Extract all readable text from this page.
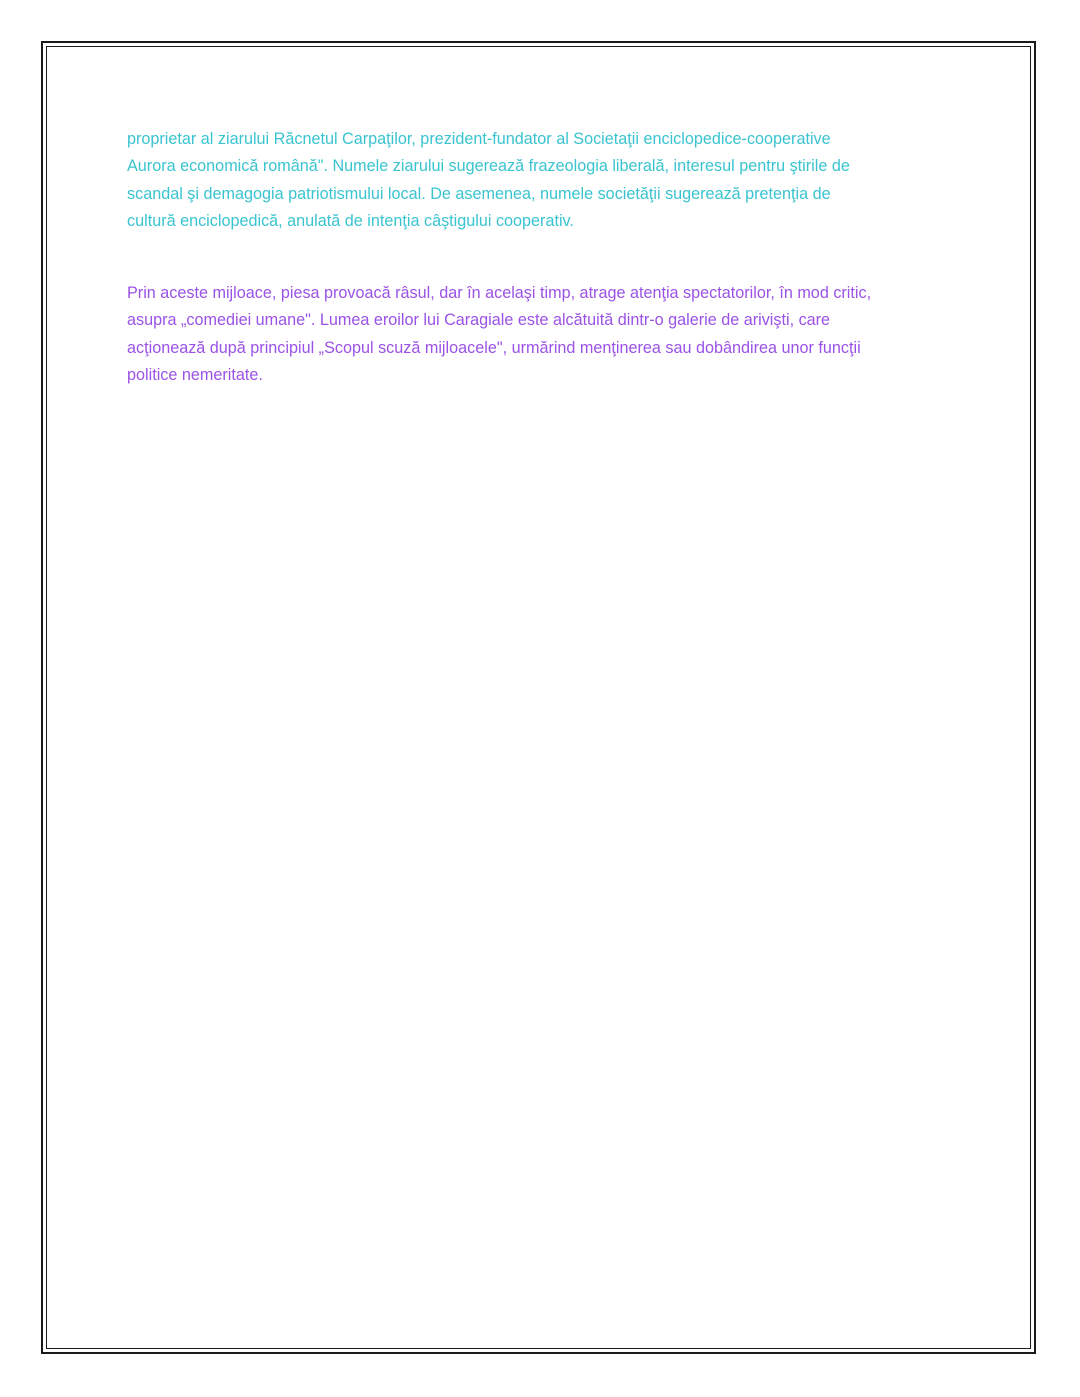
proprietar al ziarului Răcnetul Carpaţilor, prezident-fundator al Societaţii enciclopedice-cooperative
Aurora economică română". Numele ziarului sugerează frazeologia liberală, interesul pentru ştirile de
scandal şi demagogia patriotismului local. De asemenea, numele societăţii sugerează pretenţia de
cultură enciclopedică, anulată de intenţia câştigului cooperativ.

Prin aceste mijloace, piesa provoacă râsul, dar în acelaşi timp, atrage atenţia spectatorilor, în mod critic,
asupra „comediei umane". Lumea eroilor lui Caragiale este alcătuită dintr-o galerie de arivişti, care
acţionează după principiul „Scopul scuză mijloacele", urmărind menţinerea sau dobândirea unor funcţii
politice nemeritate.
